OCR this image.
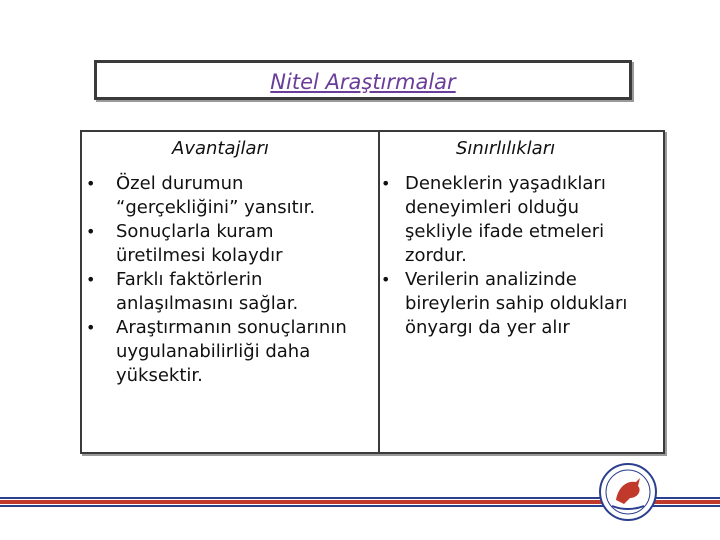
Nitel Araştırmalar
Avantajları	Sınırlılıkları
• Özel durumun “gerçekliğini” yansıtır.
• Sonuçlarla kuram üretilmesi kolaydır
• Farklı faktörlerin anlaşılmasını sağlar.
• Araştırmanın sonuçlarının uygulanabilirliği daha yüksektir.
• Deneklerin yaşadıkları deneyimleri olduğu şekliyle ifade etmeleri zordur.
• Verilerin analizinde bireylerin sahip oldukları önyargı da yer alır
